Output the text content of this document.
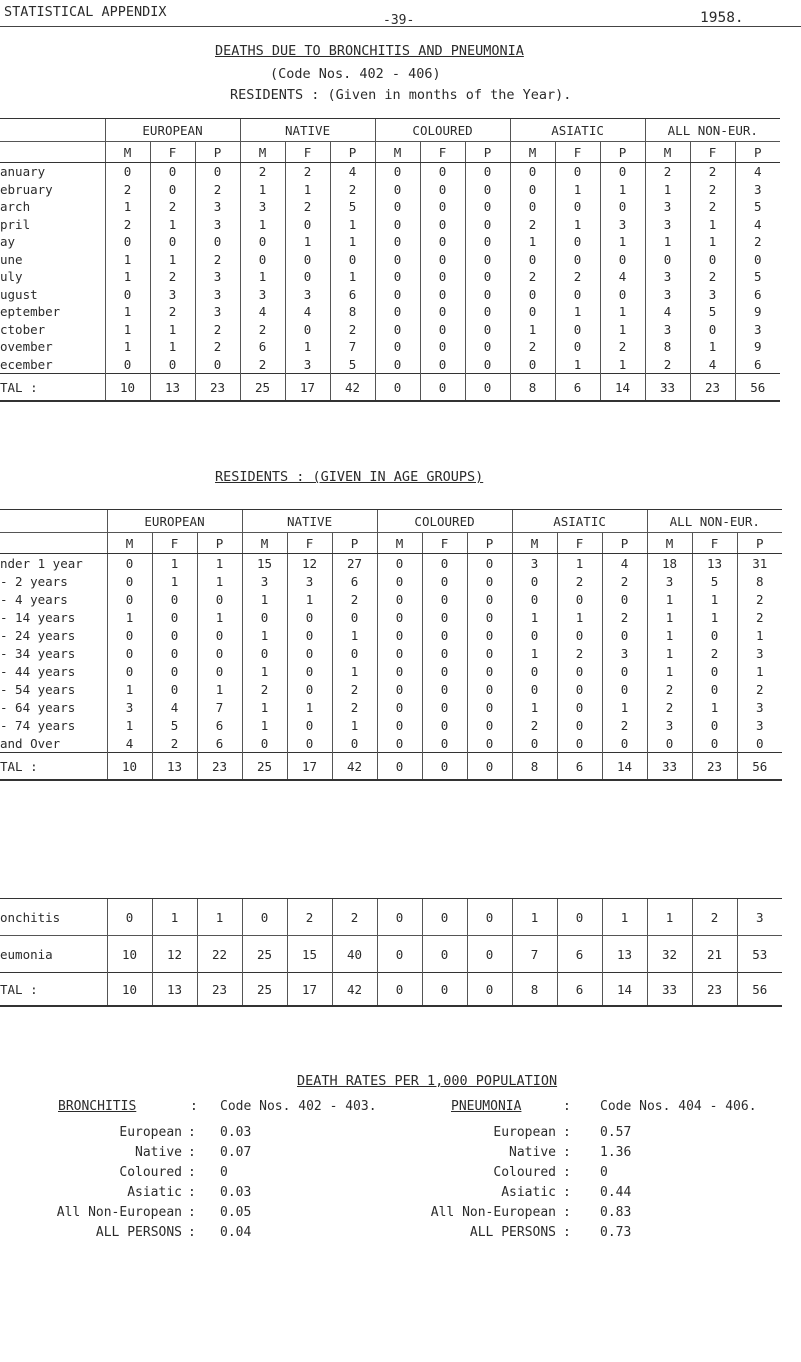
STATISTICAL APPENDIX
-39-	1958.
DEATHS DUE TO BRONCHITIS AND PNEUMONIA
(Code Nos. 402 - 406)
RESIDENTS : (Given in months of the Year).
	EUROPEAN			NATIVE			COLOURED			ASIATIC			ALL NON-EUR.		
	M	F	P	M	F	P	M	F	P	M	F	P	M	F	P
anuary	0	0	0	2	2	4	0	0	0	0	0	0	2	2	4
ebruary	2	0	2	1	1	2	0	0	0	0	1	1	1	2	3
arch	1	2	3	3	2	5	0	0	0	0	0	0	3	2	5
pril	2	1	3	1	0	1	0	0	0	2	1	3	3	1	4
ay	0	0	0	0	1	1	0	0	0	1	0	1	1	1	2
une	1	1	2	0	0	0	0	0	0	0	0	0	0	0	0
uly	1	2	3	1	0	1	0	0	0	2	2	4	3	2	5
ugust	0	3	3	3	3	6	0	0	0	0	0	0	3	3	6
eptember	1	2	3	4	4	8	0	0	0	0	1	1	4	5	9
ctober	1	1	2	2	0	2	0	0	0	1	0	1	3	0	3
ovember	1	1	2	6	1	7	0	0	0	2	0	2	8	1	9
ecember	0	0	0	2	3	5	0	0	0	0	1	1	2	4	6
TAL :	10	13	23	25	17	42	0	0	0	8	6	14	33	23	56
RESIDENTS : (GIVEN IN AGE GROUPS)
	EUROPEAN			NATIVE			COLOURED			ASIATIC			ALL NON-EUR.		
	M	F	P	M	F	P	M	F	P	M	F	P	M	F	P
nder 1 year	0	1	1	15	12	27	0	0	0	3	1	4	18	13	31
- 2 years	0	1	1	3	3	6	0	0	0	0	2	2	3	5	8
- 4 years	0	0	0	1	1	2	0	0	0	0	0	0	1	1	2
- 14 years	1	0	1	0	0	0	0	0	0	1	1	2	1	1	2
- 24 years	0	0	0	1	0	1	0	0	0	0	0	0	1	0	1
- 34 years	0	0	0	0	0	0	0	0	0	1	2	3	1	2	3
- 44 years	0	0	0	1	0	1	0	0	0	0	0	0	1	0	1
- 54 years	1	0	1	2	0	2	0	0	0	0	0	0	2	0	2
- 64 years	3	4	7	1	1	2	0	0	0	1	0	1	2	1	3
- 74 years	1	5	6	1	0	1	0	0	0	2	0	2	3	0	3
and Over	4	2	6	0	0	0	0	0	0	0	0	0	0	0	0
TAL :	10	13	23	25	17	42	0	0	0	8	6	14	33	23	56
onchitis	0	1	1	0	2	2	0	0	0	1	0	1	1	2	3
eumonia	10	12	22	25	15	40	0	0	0	7	6	13	32	21	53
TAL :	10	13	23	25	17	42	0	0	0	8	6	14	33	23	56
DEATH RATES PER 1,000 POPULATION
BRONCHITIS	: Code Nos. 402 - 403.	PNEUMONIA	: Code Nos. 404 - 406.
European : 0.03
Native : 0.07
Coloured : 0
Asiatic : 0.03
All Non-European : 0.05
ALL PERSONS : 0.04
European : 0.57
Native : 1.36
Coloured : 0
Asiatic : 0.44
All Non-European : 0.83
ALL PERSONS : 0.73
